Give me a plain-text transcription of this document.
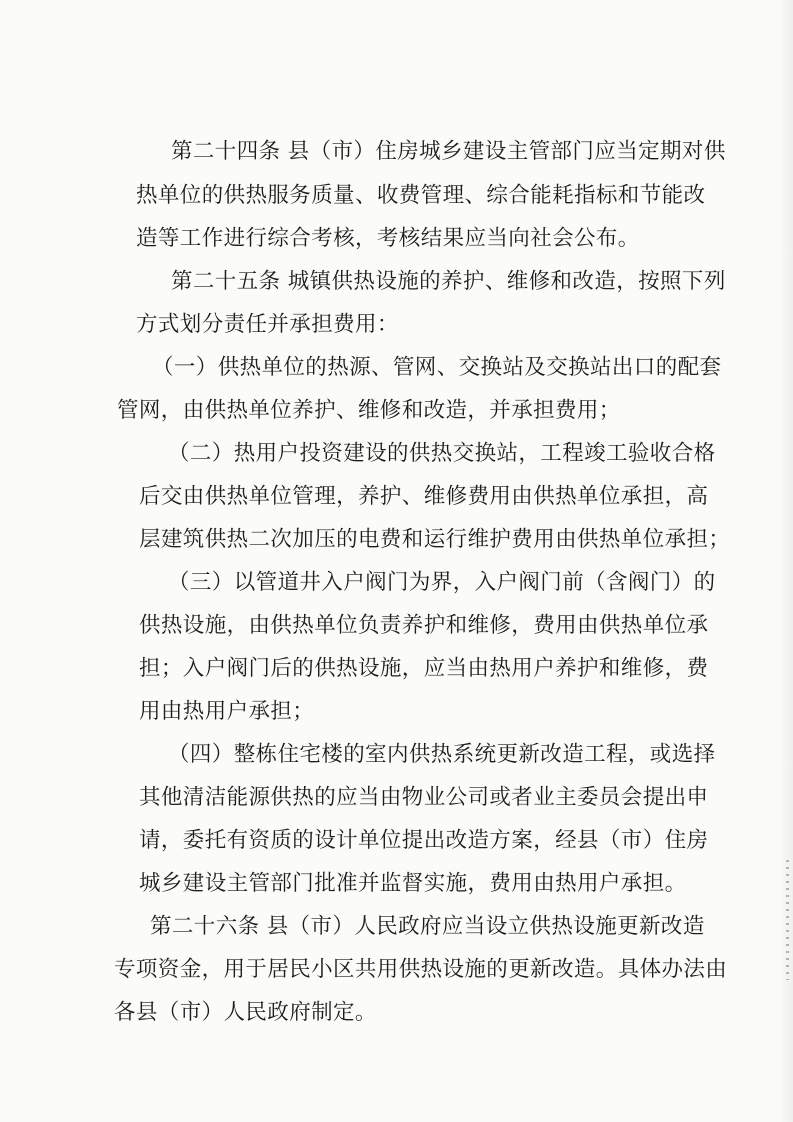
第二十四条 县（市）住房城乡建设主管部门应当定期对供
热单位的供热服务质量、收费管理、综合能耗指标和节能改
造等工作进行综合考核，考核结果应当向社会公布。
第二十五条 城镇供热设施的养护、维修和改造，按照下列
方式划分责任并承担费用：
（一）供热单位的热源、管网、交换站及交换站出口的配套
管网，由供热单位养护、维修和改造，并承担费用；
（二）热用户投资建设的供热交换站，工程竣工验收合格
后交由供热单位管理，养护、维修费用由供热单位承担，高
层建筑供热二次加压的电费和运行维护费用由供热单位承担；
（三）以管道井入户阀门为界，入户阀门前（含阀门）的
供热设施，由供热单位负责养护和维修，费用由供热单位承
担；入户阀门后的供热设施，应当由热用户养护和维修，费
用由热用户承担；
（四）整栋住宅楼的室内供热系统更新改造工程，或选择
其他清洁能源供热的应当由物业公司或者业主委员会提出申
请，委托有资质的设计单位提出改造方案，经县（市）住房
城乡建设主管部门批准并监督实施，费用由热用户承担。
第二十六条 县（市）人民政府应当设立供热设施更新改造
专项资金，用于居民小区共用供热设施的更新改造。具体办法由
各县（市）人民政府制定。
